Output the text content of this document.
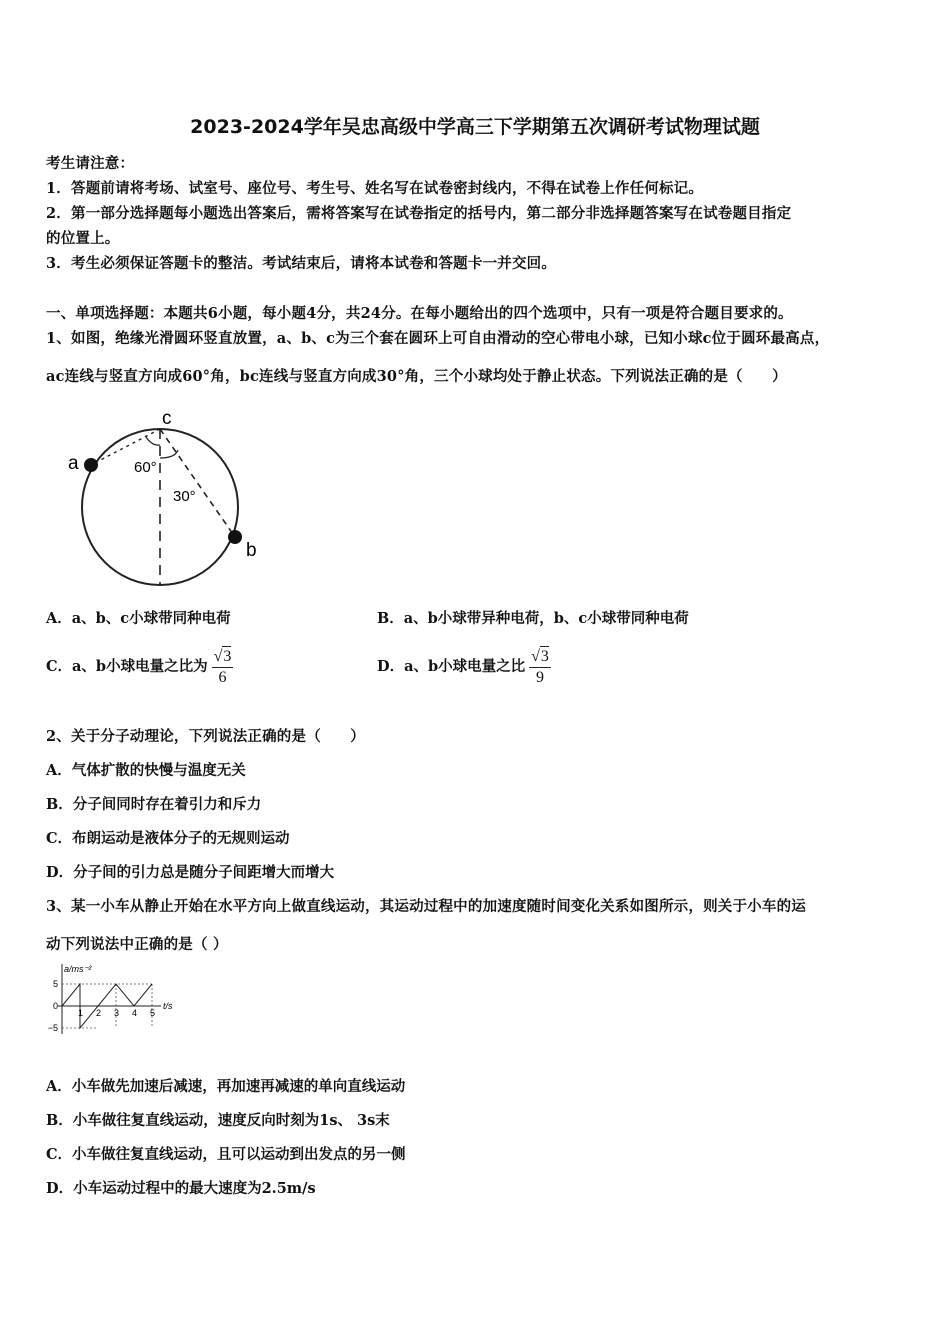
2023-2024学年吴忠高级中学高三下学期第五次调研考试物理试题
考生请注意：
1．答题前请将考场、试室号、座位号、考生号、姓名写在试卷密封线内，不得在试卷上作任何标记。
2．第一部分选择题每小题选出答案后，需将答案写在试卷指定的括号内，第二部分非选择题答案写在试卷题目指定
的位置上。
3．考生必须保证答题卡的整洁。考试结束后，请将本试卷和答题卡一并交回。
一、单项选择题：本题共6小题，每小题4分，共24分。在每小题给出的四个选项中，只有一项是符合题目要求的。
1、如图，绝缘光滑圆环竖直放置，a、b、c为三个套在圆环上可自由滑动的空心带电小球，已知小球c位于圆环最高点，
ac连线与竖直方向成60°角，bc连线与竖直方向成30°角，三个小球均处于静止状态。下列说法正确的是（　　）
a
b
c
60°
30°
A．a、b、c小球带同种电荷	B．a、b小球带异种电荷，b、c小球带同种电荷
C．a、b小球电量之比为 $\frac{√3}{6}$	D．a、b小球电量之比 $\frac{√3}{9}$
2、关于分子动理论，下列说法正确的是（　　）
A．气体扩散的快慢与温度无关
B．分子间同时存在着引力和斥力
C．布朗运动是液体分子的无规则运动
D．分子间的引力总是随分子间距增大而增大
3、某一小车从静止开始在水平方向上做直线运动，其运动过程中的加速度随时间变化关系如图所示，则关于小车的运
动下列说法中正确的是（ ）
a/ms⁻²
t/s
5
0
−5
1 2 3 4 5
A．小车做先加速后减速，再加速再减速的单向直线运动
B．小车做往复直线运动，速度反向时刻为1s、 3s末
C．小车做往复直线运动，且可以运动到出发点的另一侧
D．小车运动过程中的最大速度为2.5m/s
